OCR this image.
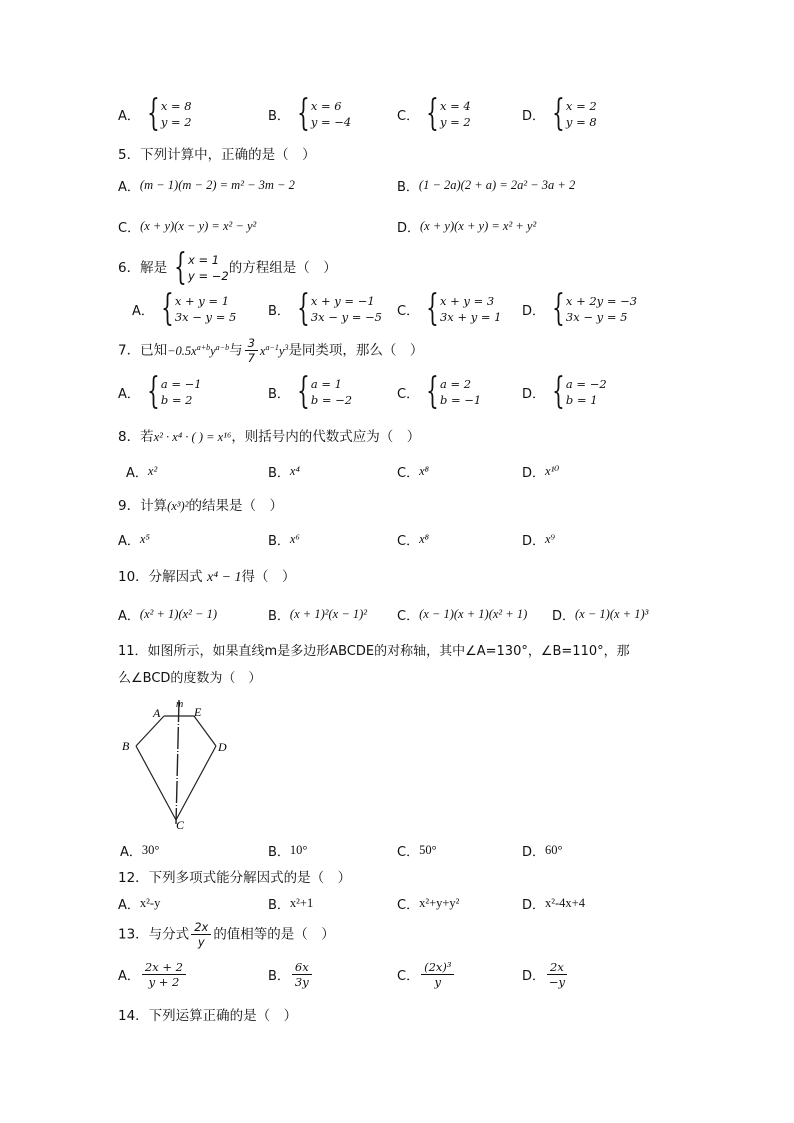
A． { x = 8
y = 2	B． { x = 6
y = −4	C． { x = 4
y = 2	D． { x = 2
y = 8
5．下列计算中，正确的是（　）
A．(m − 1)(m − 2) = m² − 3m − 2	B．(1 − 2a)(2 + a) = 2a² − 3a + 2
C．(x + y)(x − y) = x² − y²	D．(x + y)(x + y) = x² + y²
6．解是 { x = 1
y = −2 的方程组是（　）
A． { x + y = 1
3x − y = 5 B． { x + y = −1
3x − y = −5 C． { x + y = 3
3x + y = 1 D． { x + 2y = −3
3x − y = 5
7．已知$-0.5x^{a+b}y^{a-b}$与 $\frac{3}{7} x^{a-1}y^3$是同类项，那么（　）
A． { a = −1
b = 2	B． { a = 1
b = −2	C． { a = 2
b = −1	D． { a = −2
b = 1
8．若x² · x⁴ · ( ) = x¹⁶，则括号内的代数式应为（　）
A．x²	B．x⁴	C．x⁸	D．x¹⁰
9．计算(x³)²的结果是（　）
A．x⁵	B．x⁶	C．x⁸	D．x⁹
10．分解因式 x⁴ − 1得（　）
A．(x² + 1)(x² − 1)	B．(x + 1)²(x − 1)² C．(x − 1)(x + 1)(x² + 1) D．(x − 1)(x + 1)³
11．如图所示，如果直线m是多边形ABCDE的对称轴，其中∠A=130°，∠B=110°，那
么∠BCD的度数为（　）
A
m
E
B	D
C
A．30°	B．10°	C．50°	D．60°
12．下列多项式能分解因式的是（　）
A．x²-y	B．x²+1	C．x²+y+y²	D．x²-4x+4
13．与分式 $\frac{2x}{y}$ 的值相等的是（　）
A． $\frac{2x + 2}{y + 2}$	B． $\frac{6x}{3y}$	C． $\frac{\text{(2x)³}}{y}$	D． $\frac{2x}{-y}$
14．下列运算正确的是（　）
